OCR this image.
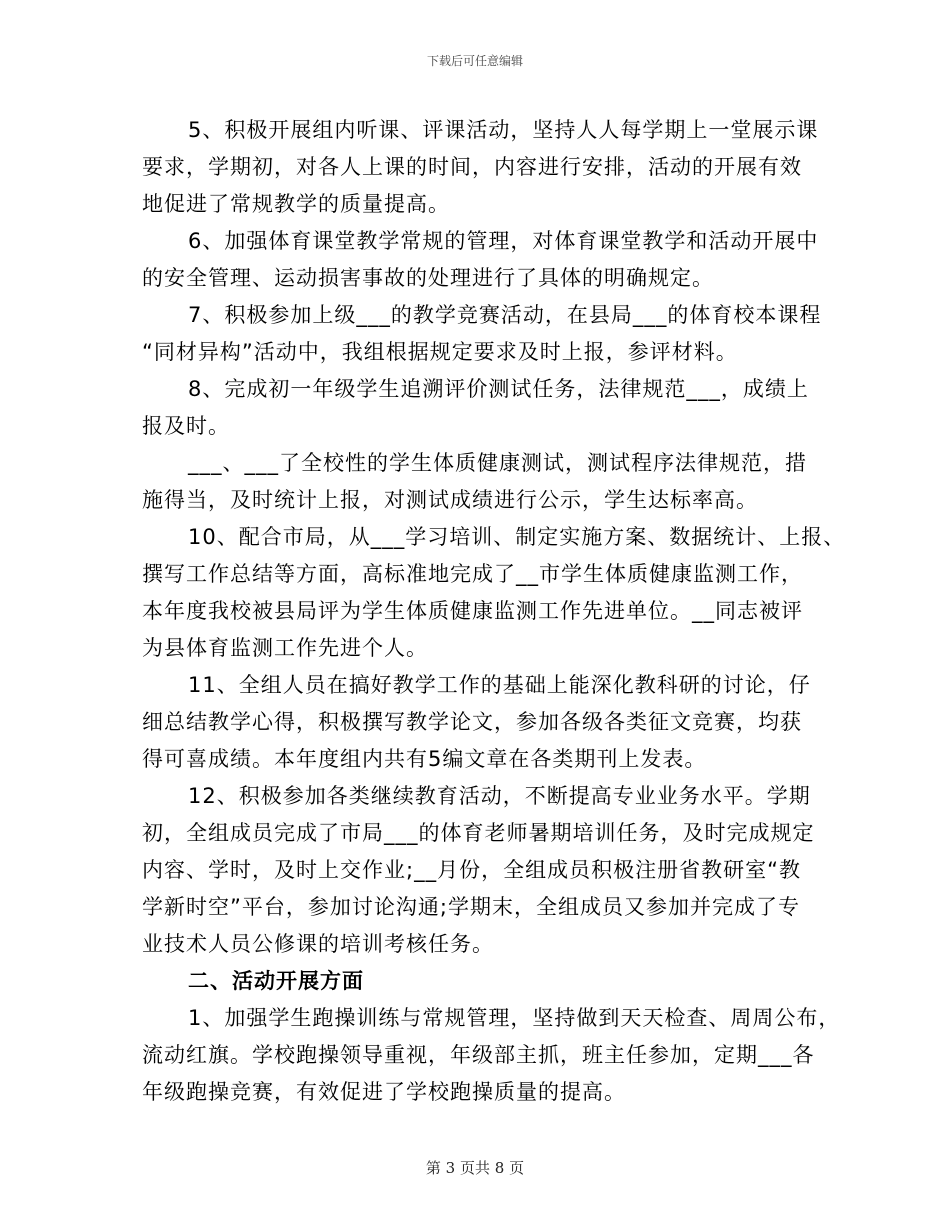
下载后可任意编辑
5、积极开展组内听课、评课活动，坚持人人每学期上一堂展示课
要求，学期初，对各人上课的时间，内容进行安排，活动的开展有效
地促进了常规教学的质量提高。
6、加强体育课堂教学常规的管理，对体育课堂教学和活动开展中
的安全管理、运动损害事故的处理进行了具体的明确规定。
7、积极参加上级___的教学竞赛活动，在县局___的体育校本课程
“同材异构”活动中，我组根据规定要求及时上报，参评材料。
8、完成初一年级学生追溯评价测试任务，法律规范___，成绩上
报及时。
___、___了全校性的学生体质健康测试，测试程序法律规范，措
施得当，及时统计上报，对测试成绩进行公示，学生达标率高。
10、配合市局，从___学习培训、制定实施方案、数据统计、上报、
撰写工作总结等方面，高标准地完成了__市学生体质健康监测工作，
本年度我校被县局评为学生体质健康监测工作先进单位。__同志被评
为县体育监测工作先进个人。
11、全组人员在搞好教学工作的基础上能深化教科研的讨论，仔
细总结教学心得，积极撰写教学论文，参加各级各类征文竞赛，均获
得可喜成绩。本年度组内共有5编文章在各类期刊上发表。
12、积极参加各类继续教育活动，不断提高专业业务水平。学期
初，全组成员完成了市局___的体育老师暑期培训任务，及时完成规定
内容、学时，及时上交作业;__月份，全组成员积极注册省教研室“教
学新时空”平台，参加讨论沟通;学期末，全组成员又参加并完成了专
业技术人员公修课的培训考核任务。
二、活动开展方面
1、加强学生跑操训练与常规管理，坚持做到天天检查、周周公布，
流动红旗。学校跑操领导重视，年级部主抓，班主任参加，定期___各
年级跑操竞赛，有效促进了学校跑操质量的提高。
第 3 页共 8 页
